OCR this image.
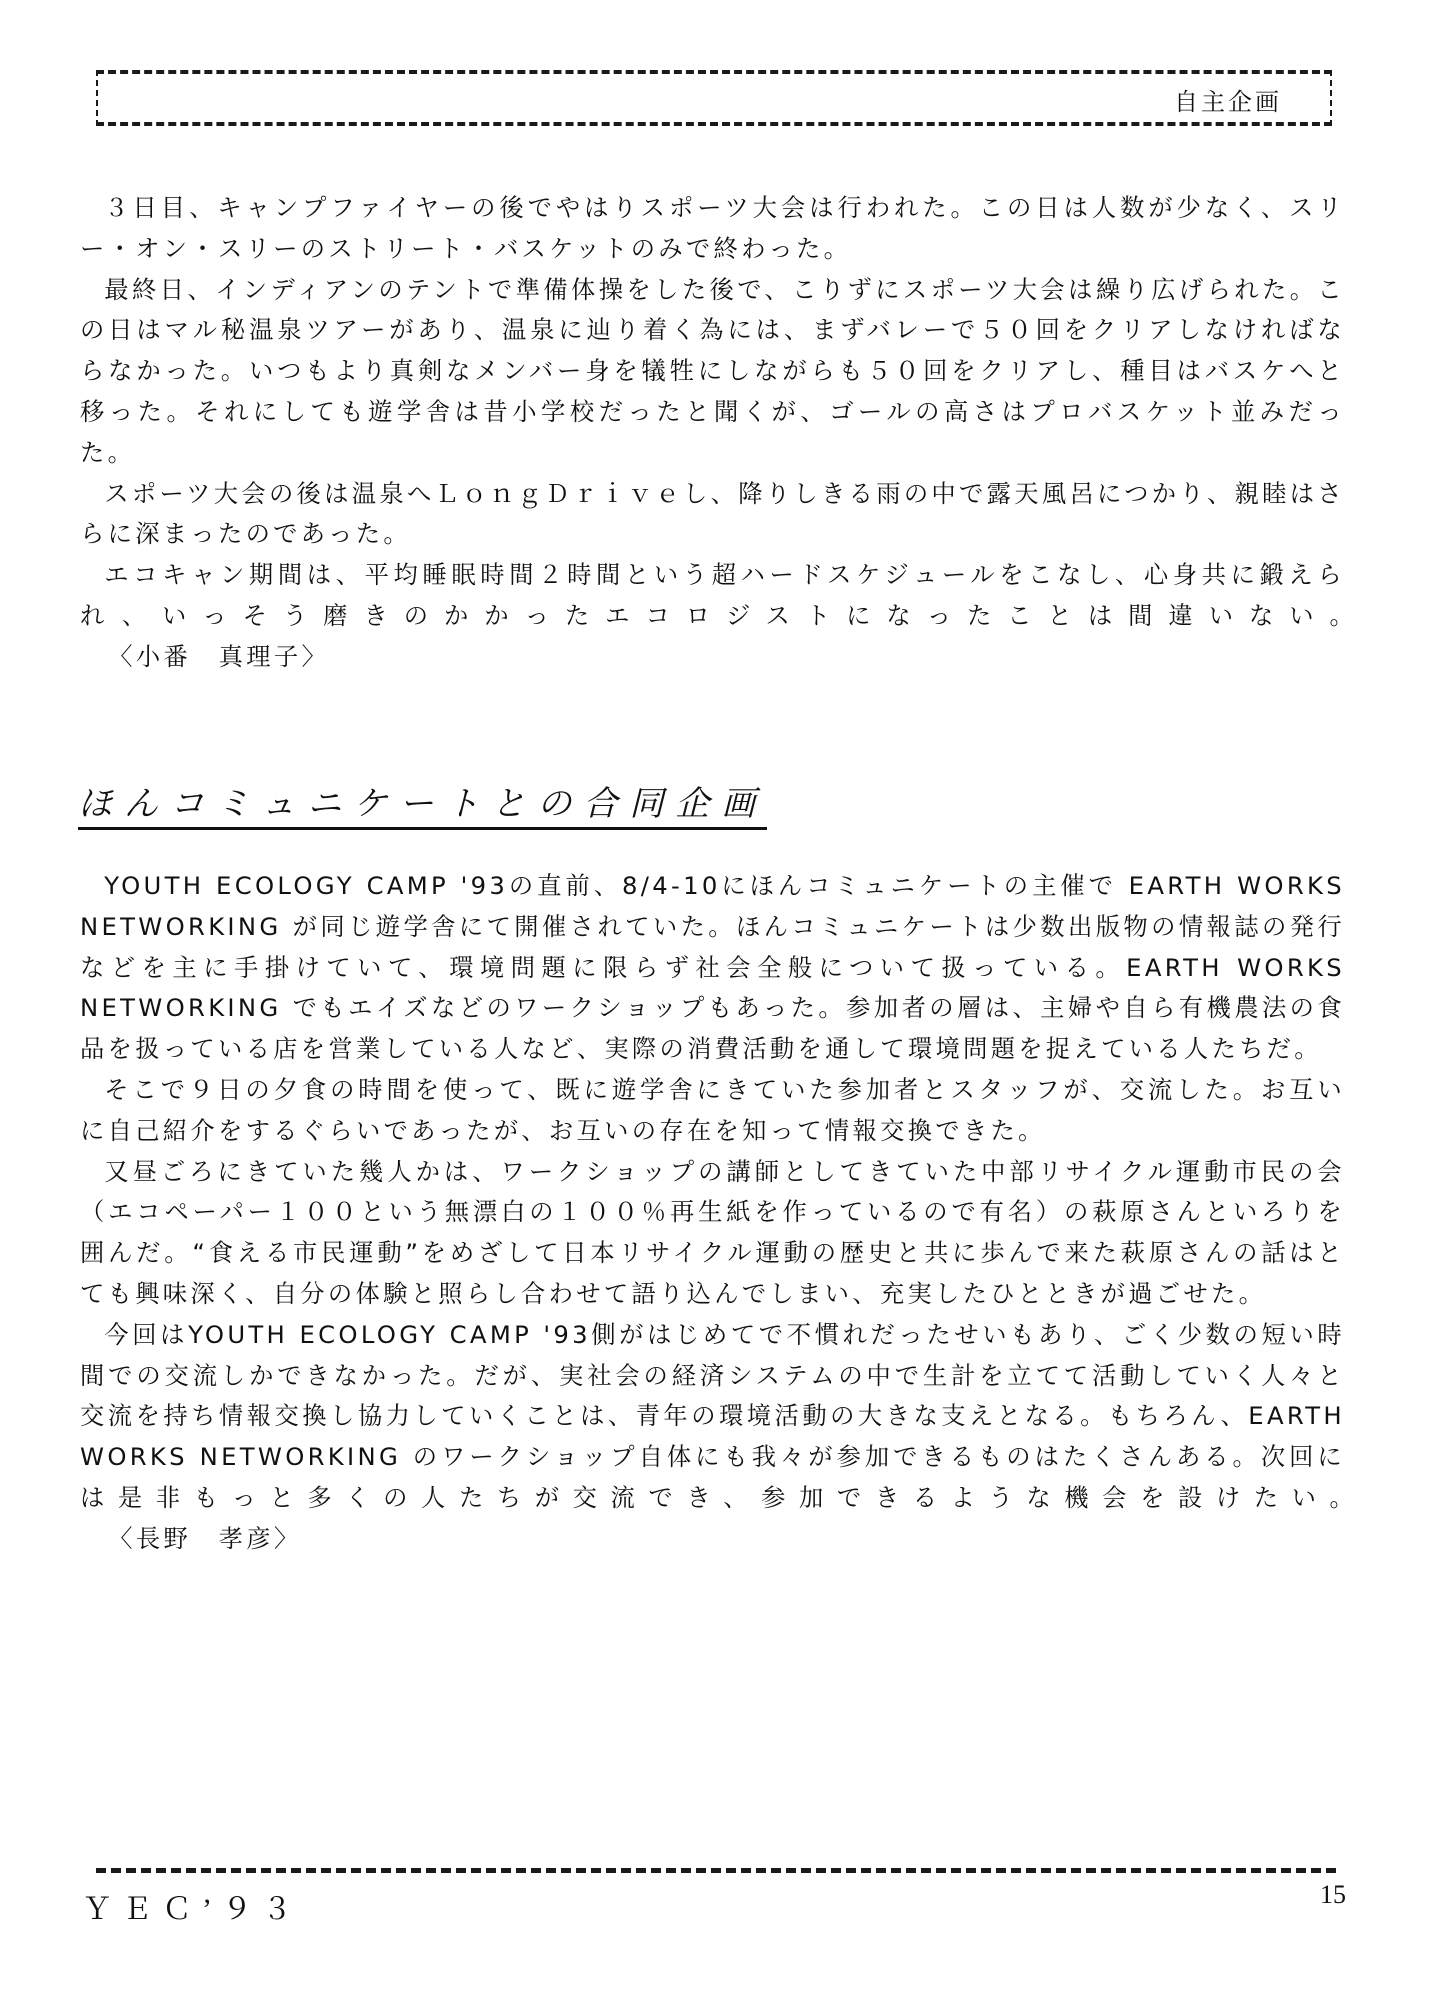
自主企画

３日目、キャンプファイヤーの後でやはりスポーツ大会は行われた。この日は人数が少なく、スリー・オン・スリーのストリート・バスケットのみで終わった。

最終日、インディアンのテントで準備体操をした後で、こりずにスポーツ大会は繰り広げられた。この日はマル秘温泉ツアーがあり、温泉に辿り着く為には、まずバレーで５０回をクリアしなければならなかった。いつもより真剣なメンバー身を犠牲にしながらも５０回をクリアし、種目はバスケへと移った。それにしても遊学舎は昔小学校だったと聞くが、ゴールの高さはプロバスケット並みだった。

スポーツ大会の後は温泉へＬｏｎｇＤｒｉｖｅし、降りしきる雨の中で露天風呂につかり、親睦はさらに深まったのであった。

エコキャン期間は、平均睡眠時間２時間という超ハードスケジュールをこなし、心身共に鍛えられ、いっそう磨きのかかったエコロジストになったことは間違いない。　　　　　　　　〈小番　真理子〉

ほんコミュニケートとの合同企画

YOUTH ECOLOGY CAMP '93の直前、8/4-10にほんコミュニケートの主催で EARTH WORKS NETWORKING が同じ遊学舎にて開催されていた。ほんコミュニケートは少数出版物の情報誌の発行などを主に手掛けていて、環境問題に限らず社会全般について扱っている。EARTH WORKS NETWORKING でもエイズなどのワークショップもあった。参加者の層は、主婦や自ら有機農法の食品を扱っている店を営業している人など、実際の消費活動を通して環境問題を捉えている人たちだ。

そこで９日の夕食の時間を使って、既に遊学舎にきていた参加者とスタッフが、交流した。お互いに自己紹介をするぐらいであったが、お互いの存在を知って情報交換できた。

又昼ごろにきていた幾人かは、ワークショップの講師としてきていた中部リサイクル運動市民の会（エコペーパー１００という無漂白の１００％再生紙を作っているので有名）の萩原さんといろりを囲んだ。“食える市民運動”をめざして日本リサイクル運動の歴史と共に歩んで来た萩原さんの話はとても興味深く、自分の体験と照らし合わせて語り込んでしまい、充実したひとときが過ごせた。

今回はYOUTH ECOLOGY CAMP '93側がはじめてで不慣れだったせいもあり、ごく少数の短い時間での交流しかできなかった。だが、実社会の経済システムの中で生計を立てて活動していく人々と交流を持ち情報交換し協力していくことは、青年の環境活動の大きな支えとなる。もちろん、EARTH WORKS NETWORKING のワークショップ自体にも我々が参加できるものはたくさんある。次回には是非もっと多くの人たちが交流でき、参加できるような機会を設けたい。　　　　　〈長野　孝彦〉

ＹＥＣ’９３	15
